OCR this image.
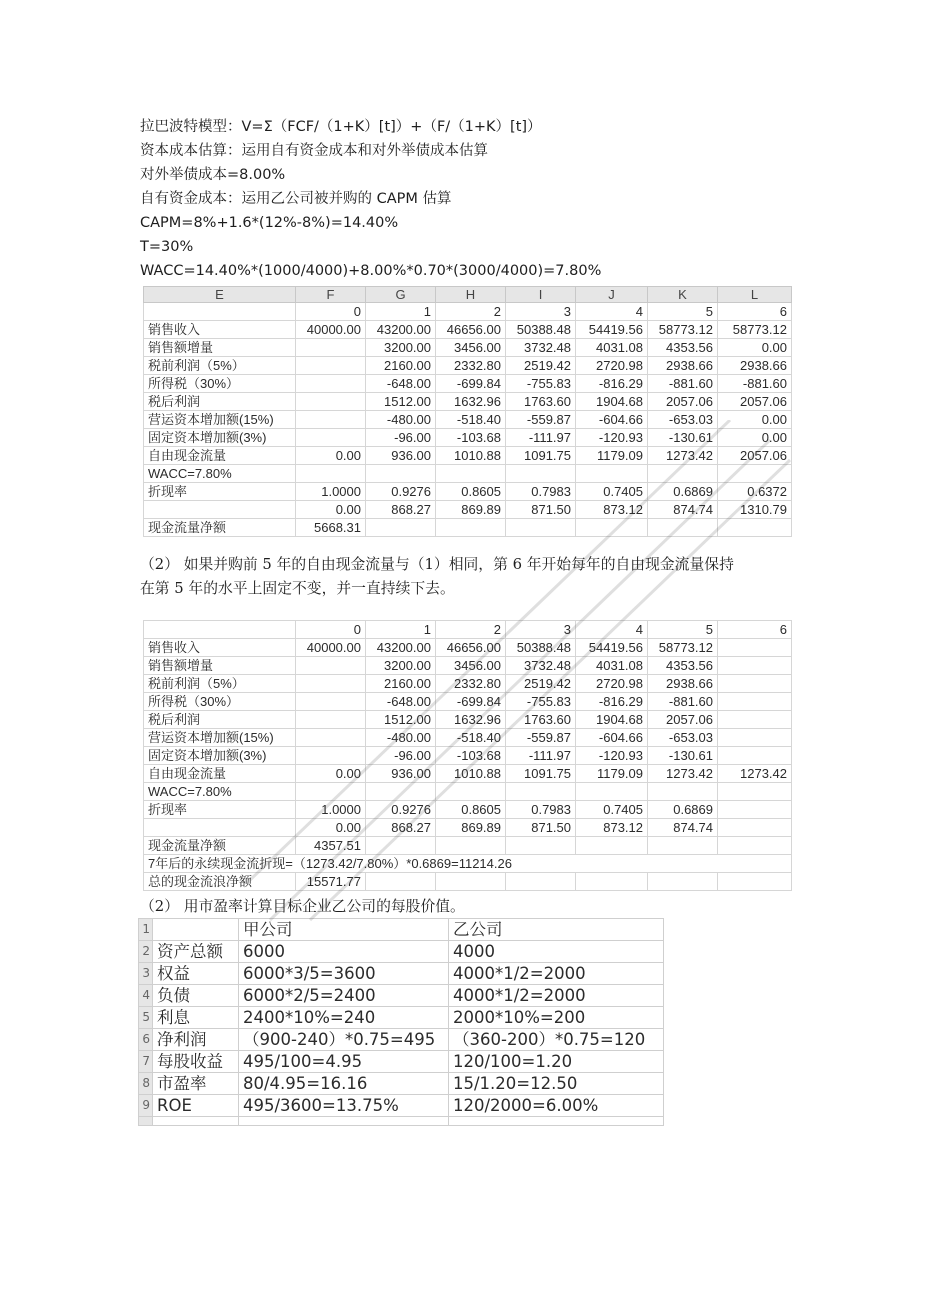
拉巴波特模型：V=Σ（FCF/（1+K）[t]）+（F/（1+K）[t]）
资本成本估算：运用自有资金成本和对外举债成本估算
对外举债成本=8.00%
自有资金成本：运用乙公司被并购的 CAPM 估算
CAPM=8%+1.6*(12%-8%)=14.40%
T=30%
WACC=14.40%*(1000/4000)+8.00%*0.70*(3000/4000)=7.80%
E	F	G	H	I	J	K	L
	0	1	2	3	4	5	6
销售收入	40000.00	43200.00	46656.00	50388.48	54419.56	58773.12	58773.12
销售额增量		3200.00	3456.00	3732.48	4031.08	4353.56	0.00
税前利润（5%）		2160.00	2332.80	2519.42	2720.98	2938.66	2938.66
所得税（30%）		-648.00	-699.84	-755.83	-816.29	-881.60	-881.60
税后利润		1512.00	1632.96	1763.60	1904.68	2057.06	2057.06
营运资本增加额(15%)		-480.00	-518.40	-559.87	-604.66	-653.03	0.00
固定资本增加额(3%)		-96.00	-103.68	-111.97	-120.93	-130.61	0.00
自由现金流量	0.00	936.00	1010.88	1091.75	1179.09	1273.42	2057.06
WACC=7.80%							
折现率	1.0000	0.9276	0.8605	0.7983	0.7405	0.6869	0.6372
	0.00	868.27	869.89	871.50	873.12	874.74	1310.79
现金流量净额	5668.31						
（2） 如果并购前 5 年的自由现金流量与（1）相同，第 6 年开始每年的自由现金流量保持
在第 5 年的水平上固定不变，并一直持续下去。
	0	1	2	3	4	5	6
销售收入	40000.00	43200.00	46656.00	50388.48	54419.56	58773.12	
销售额增量		3200.00	3456.00	3732.48	4031.08	4353.56	
税前利润（5%）		2160.00	2332.80	2519.42	2720.98	2938.66	
所得税（30%）		-648.00	-699.84	-755.83	-816.29	-881.60	
税后利润		1512.00	1632.96	1763.60	1904.68	2057.06	
营运资本增加额(15%)		-480.00	-518.40	-559.87	-604.66	-653.03	
固定资本增加额(3%)		-96.00	-103.68	-111.97	-120.93	-130.61	
自由现金流量	0.00	936.00	1010.88	1091.75	1179.09	1273.42	1273.42
WACC=7.80%							
折现率	1.0000	0.9276	0.8605	0.7983	0.7405	0.6869	
	0.00	868.27	869.89	871.50	873.12	874.74	
现金流量净额	4357.51						
7年后的永续现金流折现=（1273.42/7.80%）*0.6869=11214.26							
总的现金流浪净额	15571.77						
（2） 用市盈率计算目标企业乙公司的每股价值。
1		甲公司	乙公司
2	资产总额	6000	4000
3	权益	6000*3/5=3600	4000*1/2=2000
4	负债	6000*2/5=2400	4000*1/2=2000
5	利息	2400*10%=240	2000*10%=200
6	净利润	（900-240）*0.75=495	（360-200）*0.75=120
7	每股收益	495/100=4.95	120/100=1.20
8	市盈率	80/4.95=16.16	15/1.20=12.50
9	ROE	495/3600=13.75%	120/2000=6.00%
